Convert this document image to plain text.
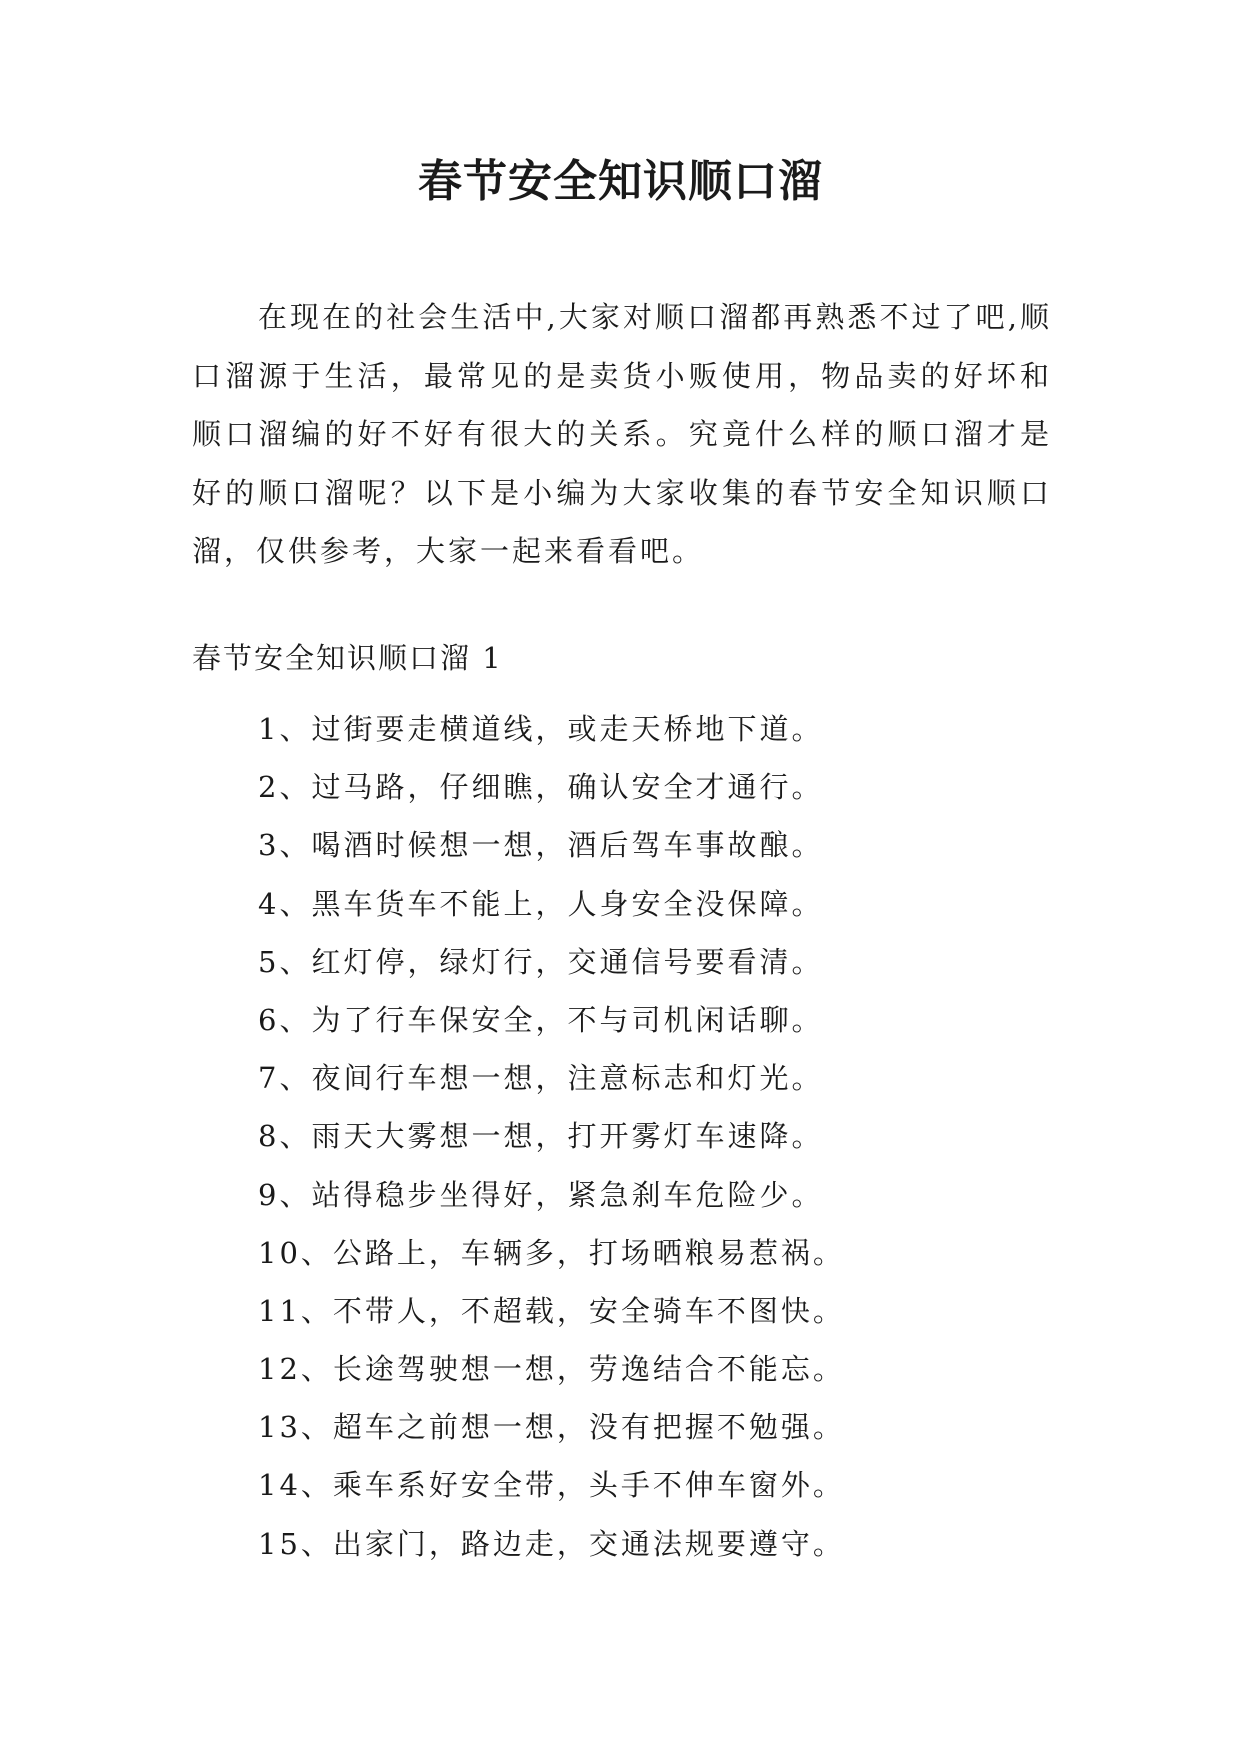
春节安全知识顺口溜

在现在的社会生活中,大家对顺口溜都再熟悉不过了吧,顺口溜源于生活，最常见的是卖货小贩使用，物品卖的好坏和顺口溜编的好不好有很大的关系。究竟什么样的顺口溜才是好的顺口溜呢？以下是小编为大家收集的春节安全知识顺口溜，仅供参考，大家一起来看看吧。

春节安全知识顺口溜 1
1、过街要走横道线，或走天桥地下道。
2、过马路，仔细瞧，确认安全才通行。
3、喝酒时候想一想，酒后驾车事故酿。
4、黑车货车不能上，人身安全没保障。
5、红灯停，绿灯行，交通信号要看清。
6、为了行车保安全，不与司机闲话聊。
7、夜间行车想一想，注意标志和灯光。
8、雨天大雾想一想，打开雾灯车速降。
9、站得稳步坐得好，紧急刹车危险少。
10、公路上，车辆多，打场晒粮易惹祸。
11、不带人，不超载，安全骑车不图快。
12、长途驾驶想一想，劳逸结合不能忘。
13、超车之前想一想，没有把握不勉强。
14、乘车系好安全带，头手不伸车窗外。
15、出家门，路边走，交通法规要遵守。
